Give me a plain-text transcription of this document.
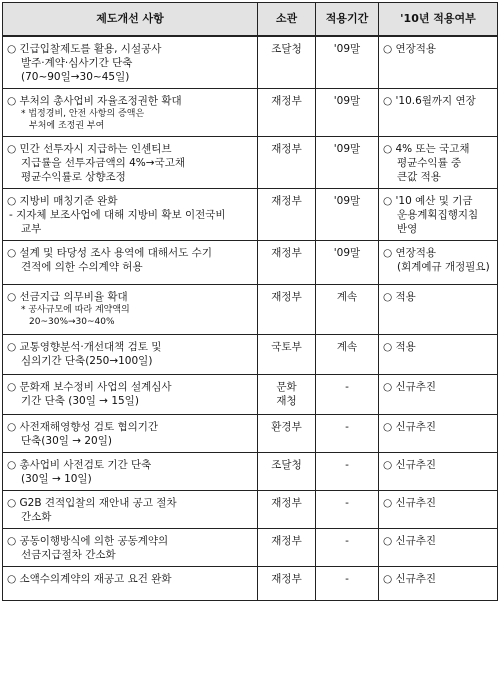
제도개선 사항	소관	적용기간	'10년 적용여부

○ 긴급입찰제도를 활용, 시설공사
발주·계약·심사기간 단축
(70~90일→30~45일)	조달청	'09말	○ 연장적용

○ 부처의 총사업비 자율조정권한 확대
* 법정경비, 안전 사항의 증액은
부처에 조정권 부여	재정부	'09말	○ '10.6월까지 연장

○ 민간 선투자시 지급하는 인센티브
지급률을 선투자금액의 4%→국고채
평균수익률로 상향조정	재정부	'09말	○ 4% 또는 국고채
평균수익률 중
큰값 적용

○ 지방비 매칭기준 완화
- 지자체 보조사업에 대해 지방비 확보 이전국비
교부	재정부	'09말	○ '10 예산 및 기금
운용계획집행지침
반영

○ 설계 및 타당성 조사 용역에 대해서도 수기
견적에 의한 수의계약 허용	재정부	'09말	○ 연장적용
(회계예규 개정필요)

○ 선금지급 의무비율 확대
* 공사규모에 따라 계약액의
20~30%→30~40%	재정부	계속	○ 적용

○ 교통영향분석·개선대책 검토 및
심의기간 단축(250→100일)	국토부	계속	○ 적용

○ 문화재 보수정비 사업의 설계심사
기간 단축 (30일 → 15일)	문화
재청	-	○ 신규추진

○ 사전재해영향성 검토 협의기간
단축(30일 → 20일)	환경부	-	○ 신규추진

○ 총사업비 사전검토 기간 단축
(30일 → 10일)	조달청	-	○ 신규추진

○ G2B 견적입찰의 재안내 공고 절차
간소화	재정부	-	○ 신규추진

○ 공동이행방식에 의한 공동계약의
선금지급절차 간소화	재정부	-	○ 신규추진

○ 소액수의계약의 재공고 요건 완화	재정부	-	○ 신규추진
